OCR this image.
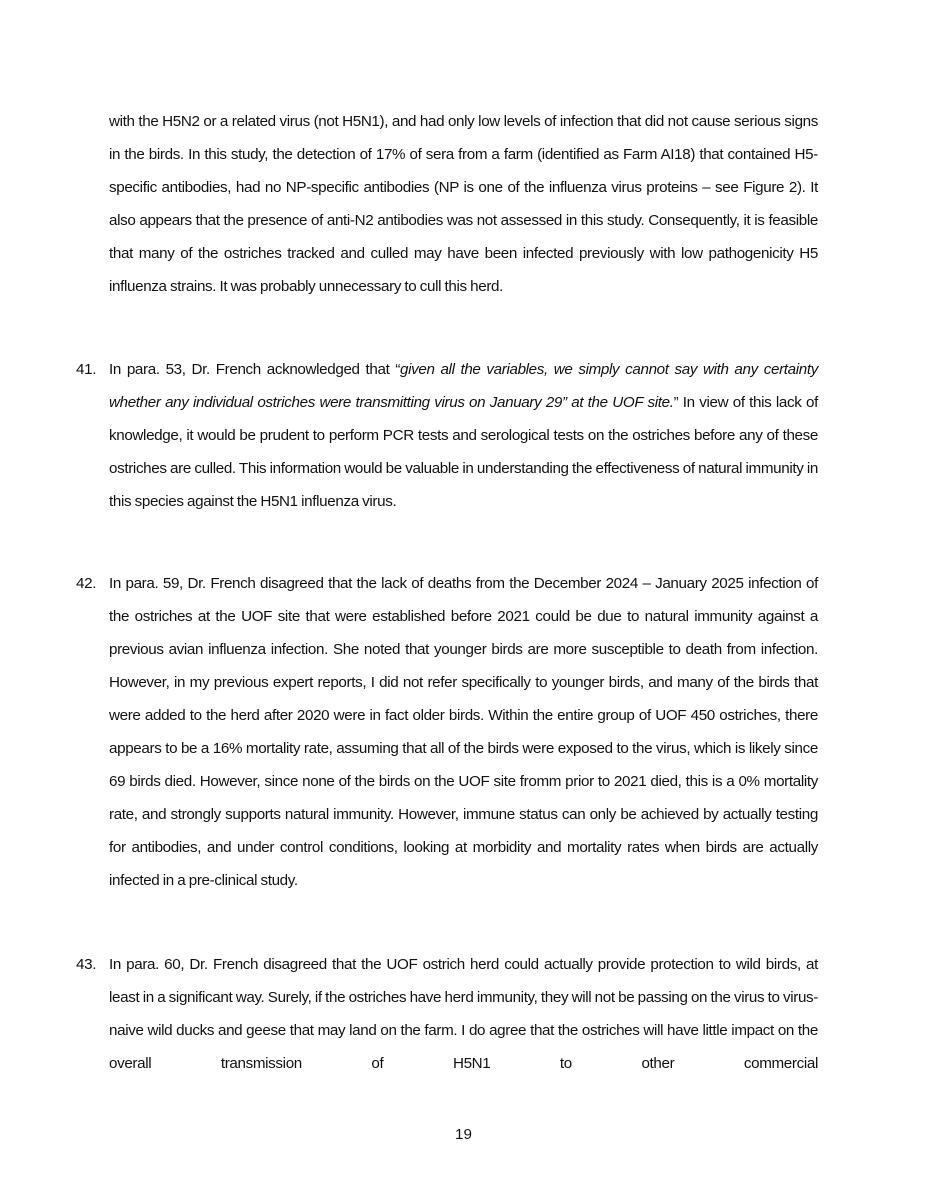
with the H5N2 or a related virus (not H5N1), and had only low levels of infection that did not cause serious signs in the birds. In this study, the detection of 17% of sera from a farm (identified as Farm AI18) that contained H5-specific antibodies, had no NP-specific antibodies (NP is one of the influenza virus proteins – see Figure 2). It also appears that the presence of anti-N2 antibodies was not assessed in this study. Consequently, it is feasible that many of the ostriches tracked and culled may have been infected previously with low pathogenicity H5 influenza strains. It was probably unnecessary to cull this herd.
41. In para. 53, Dr. French acknowledged that “given all the variables, we simply cannot say with any certainty whether any individual ostriches were transmitting virus on January 29” at the UOF site.” In view of this lack of knowledge, it would be prudent to perform PCR tests and serological tests on the ostriches before any of these ostriches are culled. This information would be valuable in understanding the effectiveness of natural immunity in this species against the H5N1 influenza virus.
42. In para. 59, Dr. French disagreed that the lack of deaths from the December 2024 – January 2025 infection of the ostriches at the UOF site that were established before 2021 could be due to natural immunity against a previous avian influenza infection. She noted that younger birds are more susceptible to death from infection. However, in my previous expert reports, I did not refer specifically to younger birds, and many of the birds that were added to the herd after 2020 were in fact older birds. Within the entire group of UOF 450 ostriches, there appears to be a 16% mortality rate, assuming that all of the birds were exposed to the virus, which is likely since 69 birds died. However, since none of the birds on the UOF site fromm prior to 2021 died, this is a 0% mortality rate, and strongly supports natural immunity. However, immune status can only be achieved by actually testing for antibodies, and under control conditions, looking at morbidity and mortality rates when birds are actually infected in a pre-clinical study.
43. In para. 60, Dr. French disagreed that the UOF ostrich herd could actually provide protection to wild birds, at least in a significant way. Surely, if the ostriches have herd immunity, they will not be passing on the virus to virus-naive wild ducks and geese that may land on the farm. I do agree that the ostriches will have little impact on the overall transmission of H5N1 to other commercial
19
